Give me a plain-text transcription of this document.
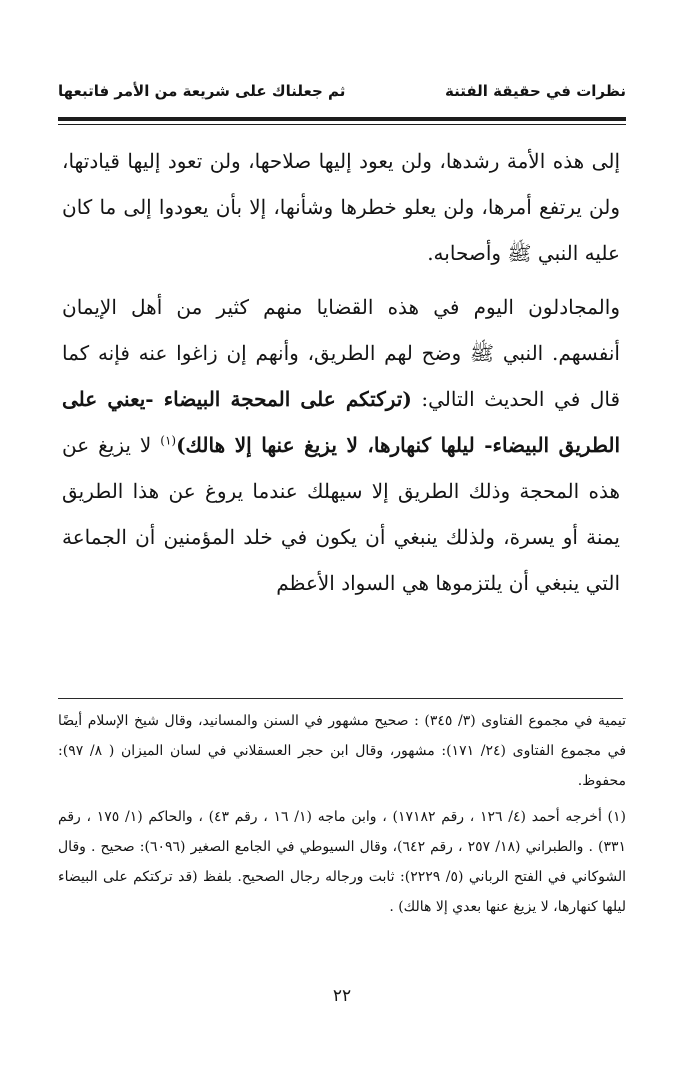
نظرات في حقيقة الفتنة
ثم جعلناك على شريعة من الأمر فاتبعها

إلى هذه الأمة رشدها، ولن يعود إليها صلاحها، ولن تعود إليها قيادتها، ولن يرتفع أمرها، ولن يعلو خطرها وشأنها، إلا بأن يعودوا إلى ما كان عليه النبي ﷺ وأصحابه.

والمجادلون اليوم في هذه القضايا منهم كثير من أهل الإيمان أنفسهم. النبي ﷺ وضح لهم الطريق، وأنهم إن زاغوا عنه فإنه كما قال في الحديث التالي: (تركتكم على المحجة البيضاء -يعني على الطريق البيضاء- ليلها كنهارها، لا يزيغ عنها إلا هالك)$^{(١)}$ لا يزيغ عن هذه المحجة وذلك الطريق إلا سيهلك عندما يروغ عن هذا الطريق يمنة أو يسرة، ولذلك ينبغي أن يكون في خلد المؤمنين أن الجماعة التي ينبغي أن يلتزموها هي السواد الأعظم

تيمية في مجموع الفتاوى (٣/ ٣٤٥) : صحيح مشهور في السنن والمسانيد، وقال شيخ الإسلام أيضًا في مجموع الفتاوى (٢٤/ ١٧١): مشهور، وقال ابن حجر العسقلاني في لسان الميزان ( ٨/ ٩٧): محفوظ.

(١) أخرجه أحمد (٤/ ١٢٦ ، رقم ١٧١٨٢) ، وابن ماجه (١/ ١٦ ، رقم ٤٣) ، والحاكم (١/ ١٧٥ ، رقم ٣٣١) . والطبراني (١٨/ ٢٥٧ ، رقم ٦٤٢)، وقال السيوطي في الجامع الصغير (٦٠٩٦): صحيح . وقال الشوكاني في الفتح الرباني (٥/ ٢٢٢٩): ثابت ورجاله رجال الصحيح. بلفظ (قد تركتكم على البيضاء ليلها كنهارها، لا يزيغ عنها بعدي إلا هالك) .

٢٢
